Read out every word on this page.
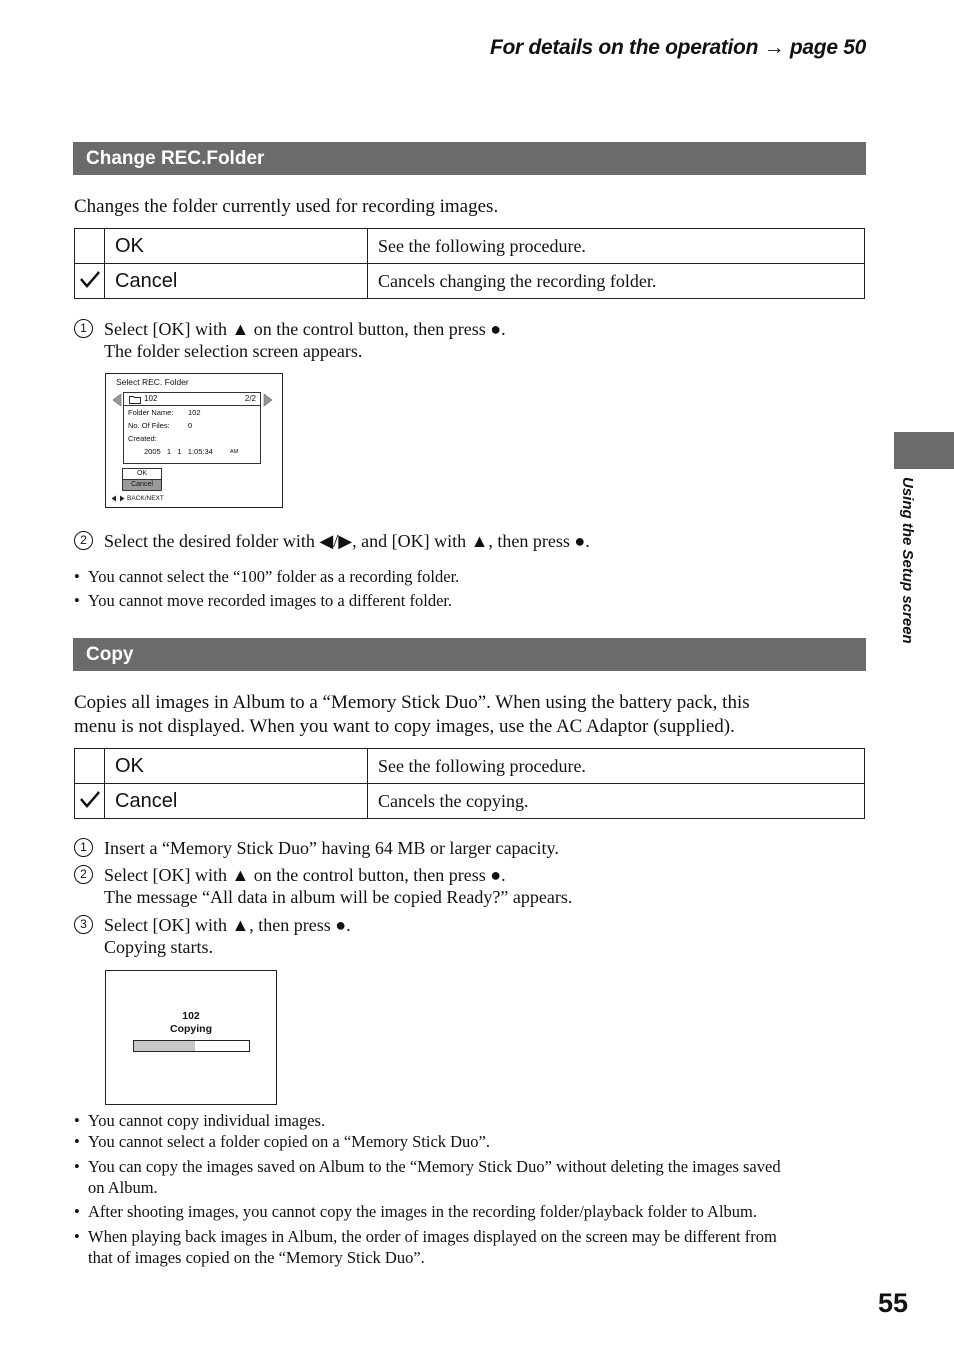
For details on the operation → page 50
Change REC.Folder
Changes the folder currently used for recording images.
	OK	See the following procedure.
	Cancel	Cancels changing the recording folder.
1 Select [OK] with ▲ on the control button, then press ●.
The folder selection screen appears.
Select REC. Folder
102	2/2
Folder Name: 102
No. Of Files: 0
Created:
2005   1   1   1:05:34	AM
OK
Cancel
BACK/NEXT
2 Select the desired folder with ◀/▶, and [OK] with ▲, then press ●.
• You cannot select the “100” folder as a recording folder.
• You cannot move recorded images to a different folder.
Copy
Copies all images in Album to a “Memory Stick Duo”. When using the battery pack, this
menu is not displayed. When you want to copy images, use the AC Adaptor (supplied).
	OK	See the following procedure.
	Cancel	Cancels the copying.
1 Insert a “Memory Stick Duo” having 64 MB or larger capacity.
2 Select [OK] with ▲ on the control button, then press ●.
The message “All data in album will be copied Ready?” appears.
3 Select [OK] with ▲, then press ●.
Copying starts.
102
Copying
• You cannot copy individual images.
• You cannot select a folder copied on a “Memory Stick Duo”.
• You can copy the images saved on Album to the “Memory Stick Duo” without deleting the images saved
on Album.
• After shooting images, you cannot copy the images in the recording folder/playback folder to Album.
• When playing back images in Album, the order of images displayed on the screen may be different from
that of images copied on the “Memory Stick Duo”.
Using the Setup screen
55
